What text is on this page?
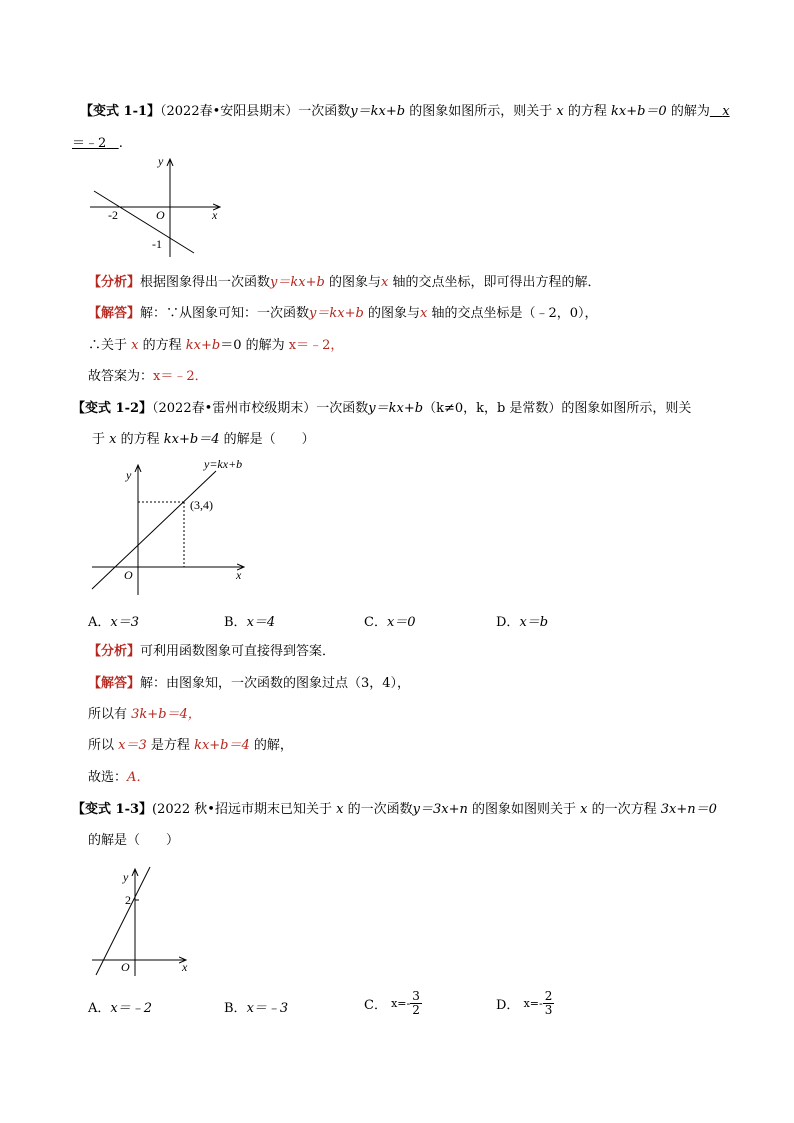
【变式 1-1】（2022春•安阳县期末）一次函数y＝kx+b 的图象如图所示，则关于 x 的方程 kx+b＝0 的解为 x
＝﹣2 .
y
x
O
-2
-1
【分析】根据图象得出一次函数y＝kx+b 的图象与x 轴的交点坐标，即可得出方程的解．
【解答】解：∵从图象可知：一次函数y＝kx+b 的图象与x 轴的交点坐标是（﹣2，0），
∴关于 x 的方程 kx+b＝0 的解为 x＝﹣2，
故答案为：x＝﹣2．
【变式 1-2】（2022春•雷州市校级期末）一次函数y＝kx+b（k≠0，k，b 是常数）的图象如图所示，则关
于 x 的方程 kx+b＝4 的解是（　　）
y
x
O
y=kx+b
(3,4)
A．x＝3	B．x＝4	C．x＝0	D．x＝b
【分析】可利用函数图象可直接得到答案．
【解答】解：由图象知，一次函数的图象过点（3，4），
所以有 3k+b＝4，
所以 x＝3 是方程 kx+b＝4 的解，
故选：A．
【变式 1-3】(2022 秋•招远市期末已知关于 x 的一次函数y＝3x+n 的图象如图则关于 x 的一次方程 3x+n＝0
的解是（　　）
y
x
O
2
A．x＝﹣2	B．x＝﹣3	C． $x=- \frac{3}{2}$	D． $x=- \frac{2}{3}$
